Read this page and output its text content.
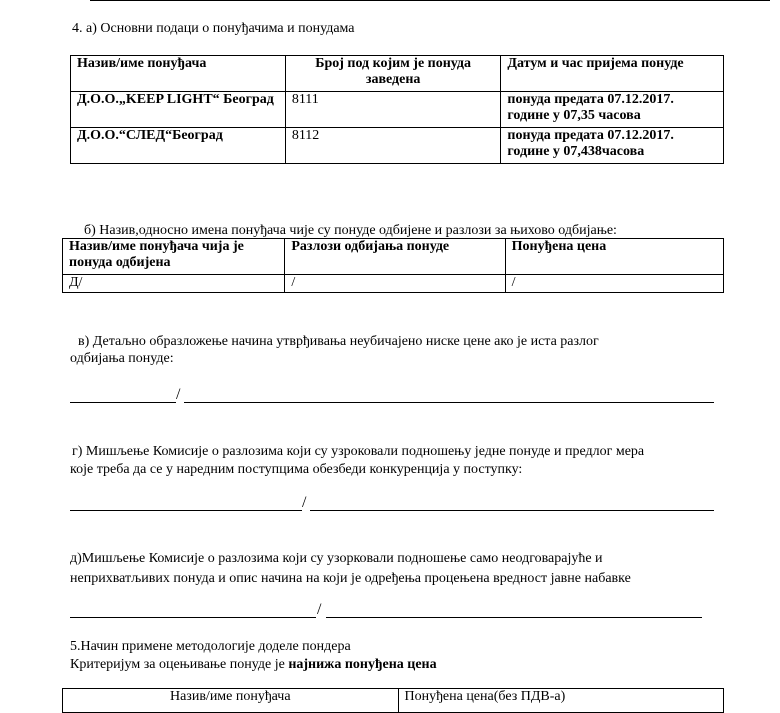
4. а) Основни подаци о понуђачима и понудама
Назив/име понуђача	Број под којим је понуда заведена	Датум и час пријема понуде
Д.О.О.„KEEP LIGHT“ Београд	8111	понуда предата 07.12.2017. године у 07,35 часова
Д.О.О.“СЛЕД“Београд	8112	понуда предата 07.12.2017. године у 07,438часова
б) Назив,односно имена понуђача чије су понуде одбијене и разлози за њихово одбијање:
Назив/име понуђача чија је понуда одбијена	Разлози одбијања понуде	Понуђена цена
Д/	/	/
в) Детаљно образложење начина утврђивања неубичајено ниске цене ако је иста разлог
одбијања понуде:
/
г) Мишљење Комисије о разлозима који су узроковали подношењу једне понуде и предлог мера
које треба да се у наредним поступцима обезбеди конкуренција у поступку:
/
д)Мишљење Комисије о разлозима који су узорковали подношење само неодговарајуће и
неприхватљивих понуда и опис начина на који је одређења процењена вредност јавне набавке
/
5.Начин примене методологије доделе пондера
Критеријум за оцењивање понуде је најнижа понуђена цена
Назив/име понуђача	Понуђена цена(без ПДВ-а)
